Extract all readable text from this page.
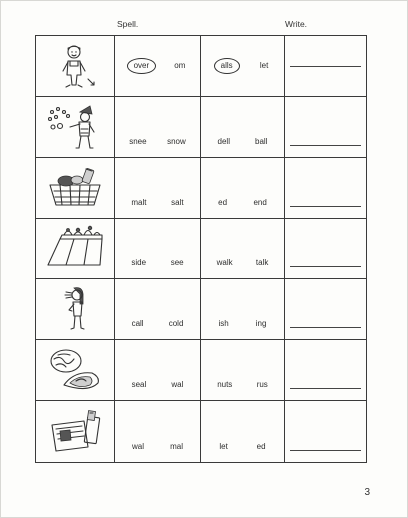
Spell.	Write.
over	om	alls	let
snee	snow	dell	ball
malt	salt	ed	end
side	see	walk	talk
call	cold	ish	ing
seal	wal	nuts	rus
wal	mal	let	ed
3
